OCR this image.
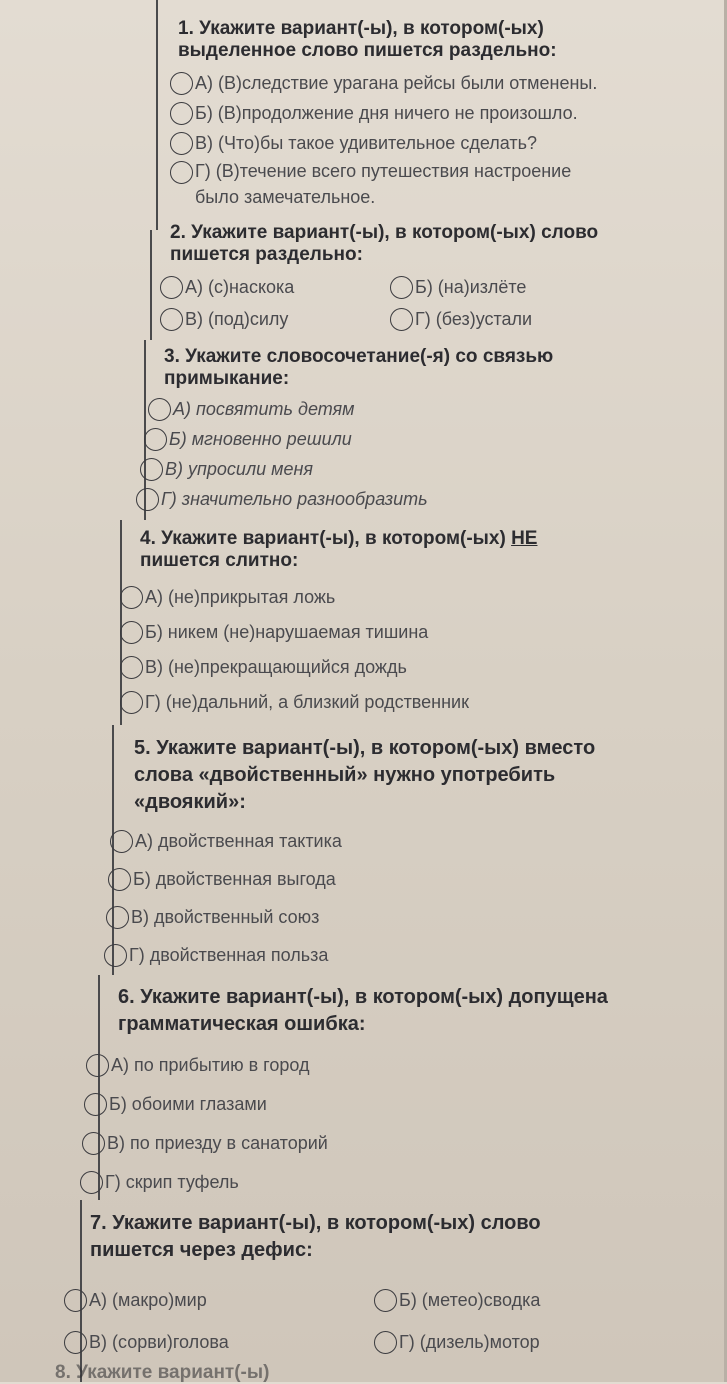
1. Укажите вариант(-ы), в котором(-ых)
выделенное слово пишется раздельно:
А) (В)следствие урагана рейсы были отменены.
Б) (В)продолжение дня ничего не произошло.
В) (Что)бы такое удивительное сделать?
Г) (В)течение всего путешествия настроение
было замечательное.
2. Укажите вариант(-ы), в котором(-ых) слово
пишется раздельно:
А) (с)наскока	Б) (на)излёте
В) (под)силу	Г) (без)устали
3. Укажите словосочетание(-я) со связью
примыкание:
А) посвятить детям
Б) мгновенно решили
В) упросили меня
Г) значительно разнообразить
4. Укажите вариант(-ы), в котором(-ых) НЕ
пишется слитно:
А) (не)прикрытая ложь
Б) никем (не)нарушаемая тишина
В) (не)прекращающийся дождь
Г) (не)дальний, а близкий родственник
5. Укажите вариант(-ы), в котором(-ых) вместо
слова «двойственный» нужно употребить
«двоякий»:
А) двойственная тактика
Б) двойственная выгода
В) двойственный союз
Г) двойственная польза
6. Укажите вариант(-ы), в котором(-ых) допущена
грамматическая ошибка:
А) по прибытию в город
Б) обоими глазами
В) по приезду в санаторий
Г) скрип туфель
7. Укажите вариант(-ы), в котором(-ых) слово
пишется через дефис:
А) (макро)мир	Б) (метео)сводка
В) (сорви)голова	Г) (дизель)мотор
8. Укажите вариант(-ы)
